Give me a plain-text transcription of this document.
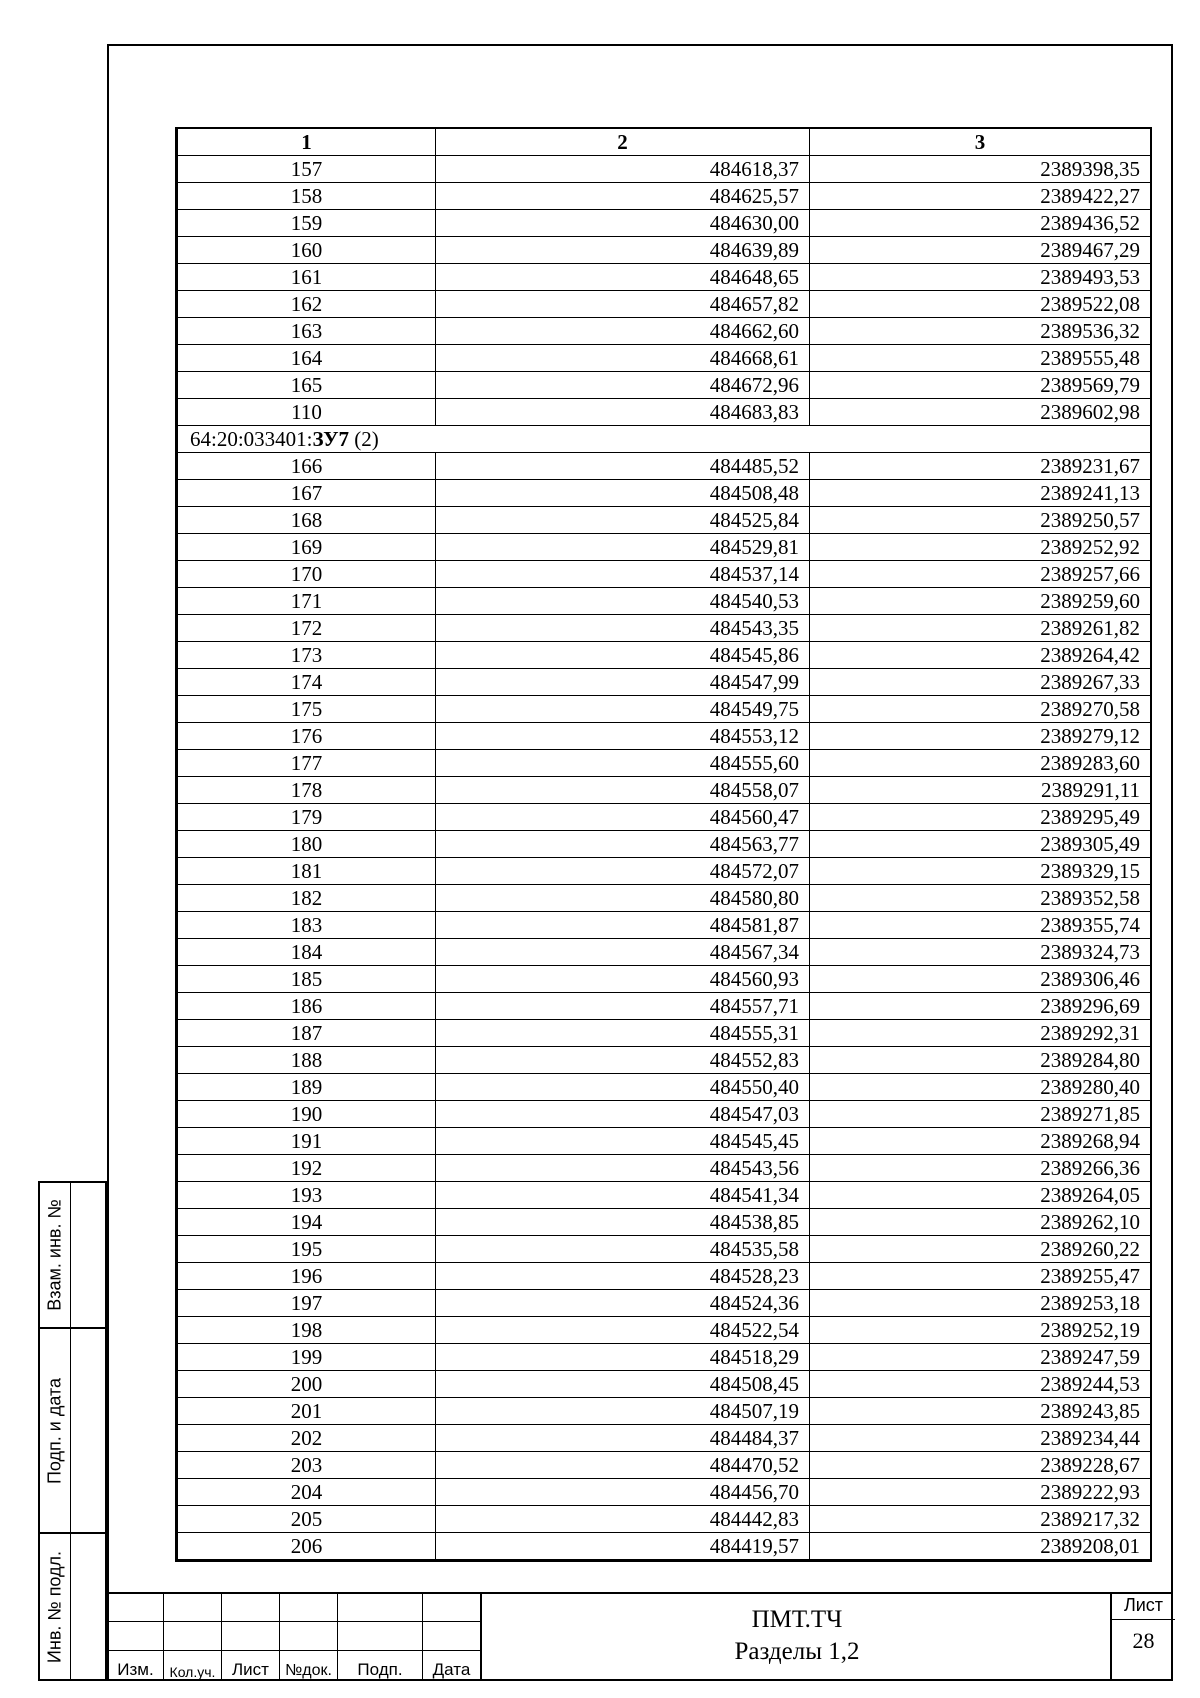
1	2	3
157	484618,37	2389398,35
158	484625,57	2389422,27
159	484630,00	2389436,52
160	484639,89	2389467,29
161	484648,65	2389493,53
162	484657,82	2389522,08
163	484662,60	2389536,32
164	484668,61	2389555,48
165	484672,96	2389569,79
110	484683,83	2389602,98
64:20:033401:ЗУ7 (2)		
166	484485,52	2389231,67
167	484508,48	2389241,13
168	484525,84	2389250,57
169	484529,81	2389252,92
170	484537,14	2389257,66
171	484540,53	2389259,60
172	484543,35	2389261,82
173	484545,86	2389264,42
174	484547,99	2389267,33
175	484549,75	2389270,58
176	484553,12	2389279,12
177	484555,60	2389283,60
178	484558,07	2389291,11
179	484560,47	2389295,49
180	484563,77	2389305,49
181	484572,07	2389329,15
182	484580,80	2389352,58
183	484581,87	2389355,74
184	484567,34	2389324,73
185	484560,93	2389306,46
186	484557,71	2389296,69
187	484555,31	2389292,31
188	484552,83	2389284,80
189	484550,40	2389280,40
190	484547,03	2389271,85
191	484545,45	2389268,94
192	484543,56	2389266,36
193	484541,34	2389264,05
194	484538,85	2389262,10
195	484535,58	2389260,22
196	484528,23	2389255,47
197	484524,36	2389253,18
198	484522,54	2389252,19
199	484518,29	2389247,59
200	484508,45	2389244,53
201	484507,19	2389243,85
202	484484,37	2389234,44
203	484470,52	2389228,67
204	484456,70	2389222,93
205	484442,83	2389217,32
206	484419,57	2389208,01

Изм.	Кол.уч.	Лист	№док.	Подп.	Дата
ПМТ.ТЧ
Разделы 1,2
Лист
28
Взам. инв. №
Подп. и дата
Инв. № подл.
